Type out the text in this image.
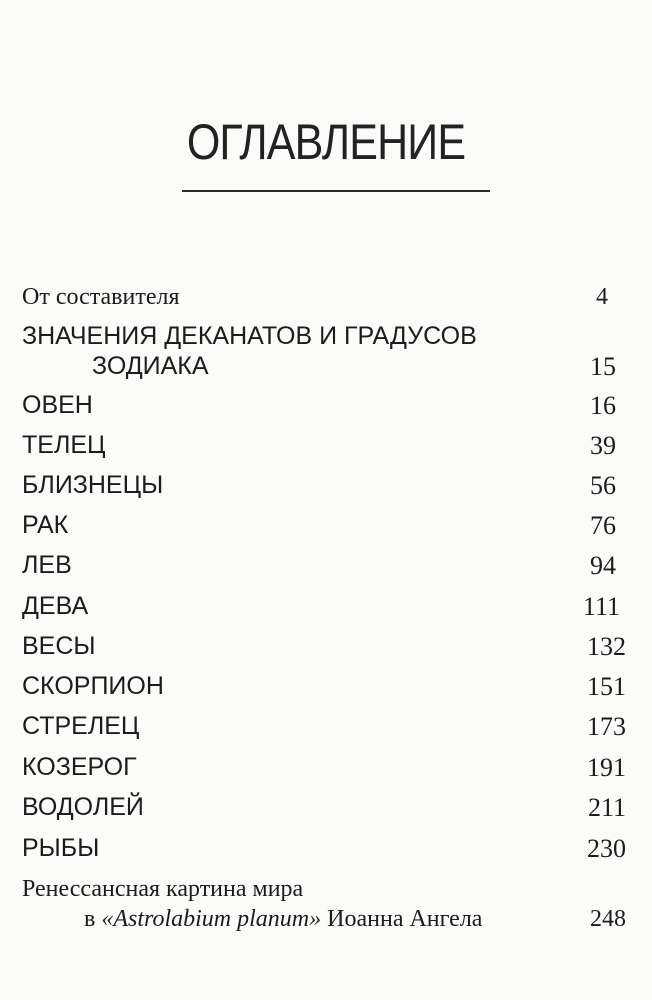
ОГЛАВЛЕНИЕ
От составителя	4
ЗНАЧЕНИЯ ДЕКАНАТОВ И ГРАДУСОВ
ЗОДИАКА	15
ОВЕН	16
ТЕЛЕЦ	39
БЛИЗНЕЦЫ	56
РАК	76
ЛЕВ	94
ДЕВА	111
ВЕСЫ	132
СКОРПИОН	151
СТРЕЛЕЦ	173
КОЗЕРОГ	191
ВОДОЛЕЙ	211
РЫБЫ	230
Ренессансная картина мира
в «Astrolabium planum» Иоанна Ангела	248
